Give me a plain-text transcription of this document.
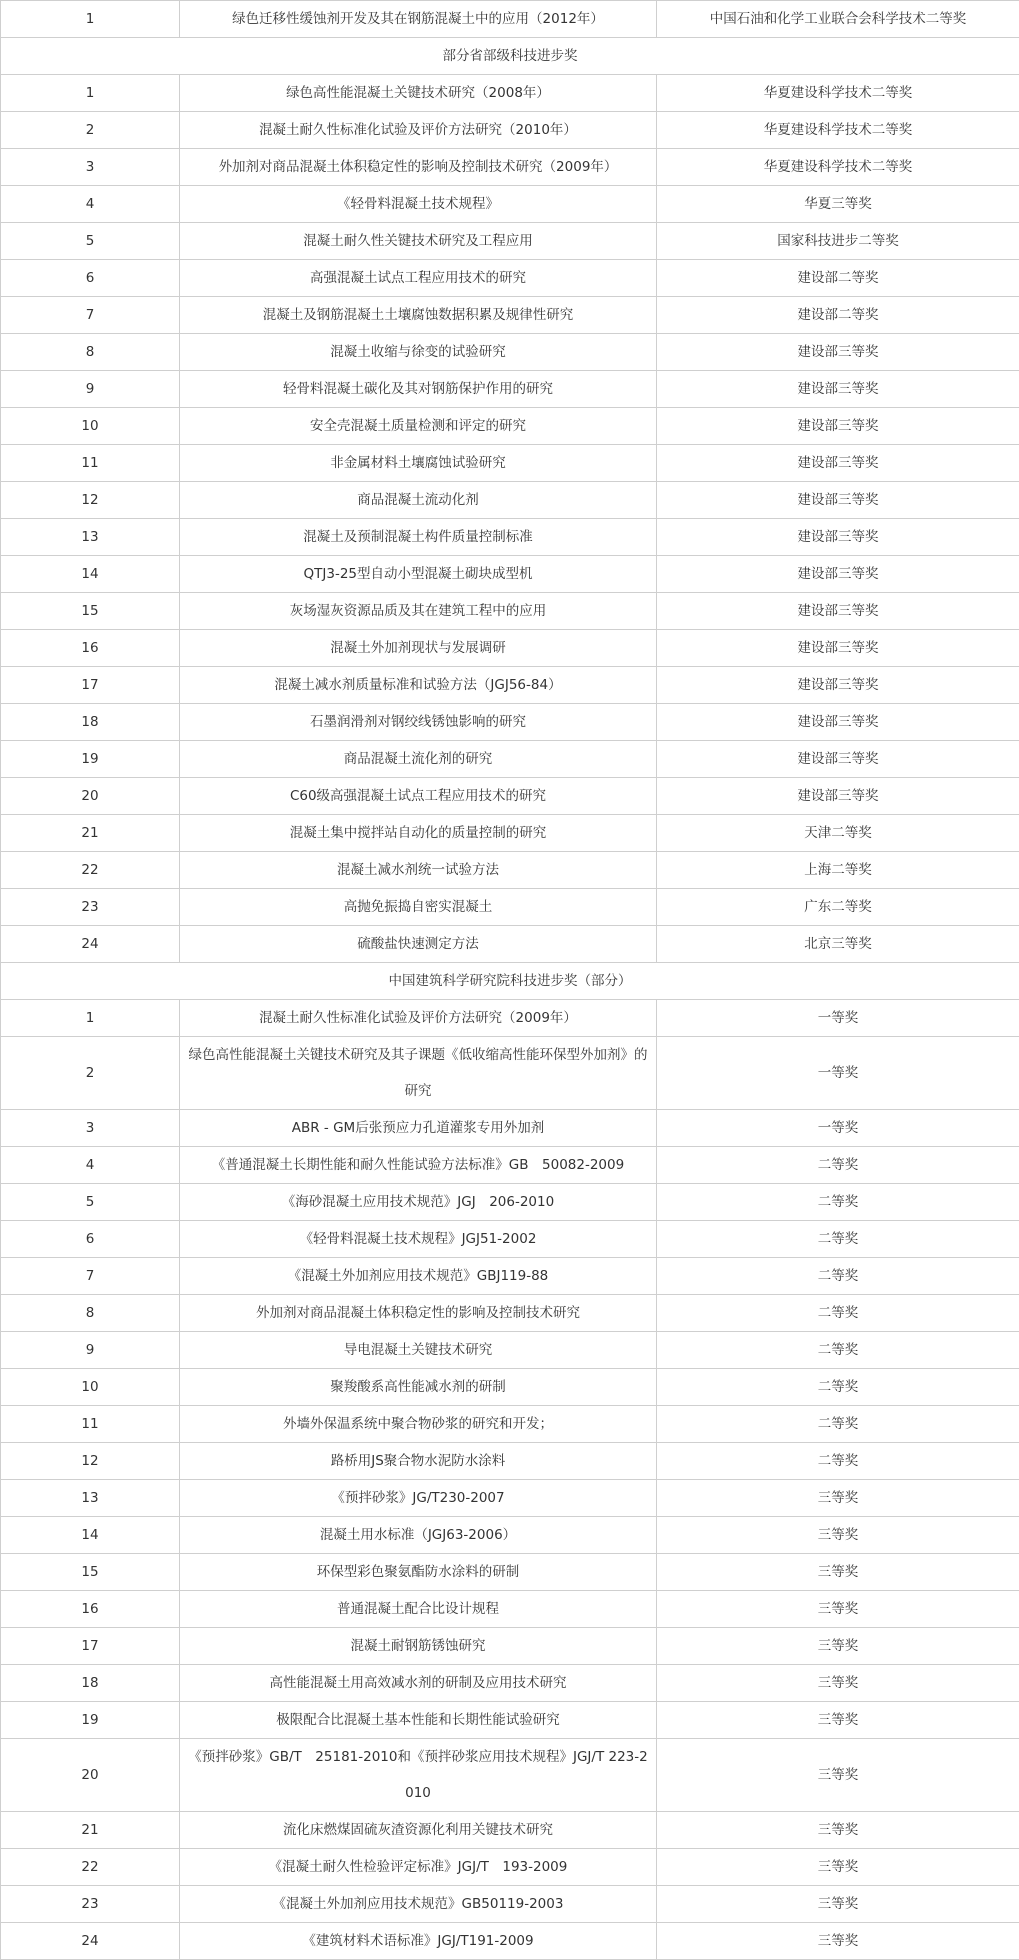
1	绿色迁移性缓蚀剂开发及其在钢筋混凝土中的应用（2012年）	中国石油和化学工业联合会科学技术二等奖
部分省部级科技进步奖		
1	绿色高性能混凝土关键技术研究（2008年）	华夏建设科学技术二等奖
2	混凝土耐久性标准化试验及评价方法研究（2010年）	华夏建设科学技术二等奖
3	外加剂对商品混凝土体积稳定性的影响及控制技术研究（2009年）	华夏建设科学技术二等奖
4	《轻骨料混凝土技术规程》	华夏三等奖
5	混凝土耐久性关键技术研究及工程应用	国家科技进步二等奖
6	高强混凝土试点工程应用技术的研究	建设部二等奖
7	混凝土及钢筋混凝土土壤腐蚀数据积累及规律性研究	建设部二等奖
8	混凝土收缩与徐变的试验研究	建设部三等奖
9	轻骨料混凝土碳化及其对钢筋保护作用的研究	建设部三等奖
10	安全壳混凝土质量检测和评定的研究	建设部三等奖
11	非金属材料土壤腐蚀试验研究	建设部三等奖
12	商品混凝土流动化剂	建设部三等奖
13	混凝土及预制混凝土构件质量控制标准	建设部三等奖
14	QTJ3-25型自动小型混凝土砌块成型机	建设部三等奖
15	灰场湿灰资源品质及其在建筑工程中的应用	建设部三等奖
16	混凝土外加剂现状与发展调研	建设部三等奖
17	混凝土减水剂质量标准和试验方法（JGJ56-84）	建设部三等奖
18	石墨润滑剂对钢绞线锈蚀影响的研究	建设部三等奖
19	商品混凝土流化剂的研究	建设部三等奖
20	C60级高强混凝土试点工程应用技术的研究	建设部三等奖
21	混凝土集中搅拌站自动化的质量控制的研究	天津二等奖
22	混凝土减水剂统一试验方法	上海二等奖
23	高抛免振捣自密实混凝土	广东二等奖
24	硫酸盐快速测定方法	北京三等奖
中国建筑科学研究院科技进步奖（部分）		
1	混凝土耐久性标准化试验及评价方法研究（2009年）	一等奖
2	绿色高性能混凝土关键技术研究及其子课题《低收缩高性能环保型外加剂》的研究	一等奖
3	ABR - GM后张预应力孔道灌浆专用外加剂	一等奖
4	《普通混凝土长期性能和耐久性能试验方法标准》GB　50082-2009	二等奖
5	《海砂混凝土应用技术规范》JGJ　206-2010	二等奖
6	《轻骨料混凝土技术规程》JGJ51-2002	二等奖
7	《混凝土外加剂应用技术规范》GBJ119-88	二等奖
8	外加剂对商品混凝土体积稳定性的影响及控制技术研究	二等奖
9	导电混凝土关键技术研究	二等奖
10	聚羧酸系高性能减水剂的研制	二等奖
11	外墙外保温系统中聚合物砂浆的研究和开发；	二等奖
12	路桥用JS聚合物水泥防水涂料	二等奖
13	《预拌砂浆》JG/T230-2007	三等奖
14	混凝土用水标准（JGJ63-2006）	三等奖
15	环保型彩色聚氨酯防水涂料的研制	三等奖
16	普通混凝土配合比设计规程	三等奖
17	混凝土耐钢筋锈蚀研究	三等奖
18	高性能混凝土用高效减水剂的研制及应用技术研究	三等奖
19	极限配合比混凝土基本性能和长期性能试验研究	三等奖
20	《预拌砂浆》GB/T　25181-2010和《预拌砂浆应用技术规程》JGJ/T 223-2010	三等奖
21	流化床燃煤固硫灰渣资源化利用关键技术研究	三等奖
22	《混凝土耐久性检验评定标准》JGJ/T　193-2009	三等奖
23	《混凝土外加剂应用技术规范》GB50119-2003	三等奖
24	《建筑材料术语标准》JGJ/T191-2009	三等奖
